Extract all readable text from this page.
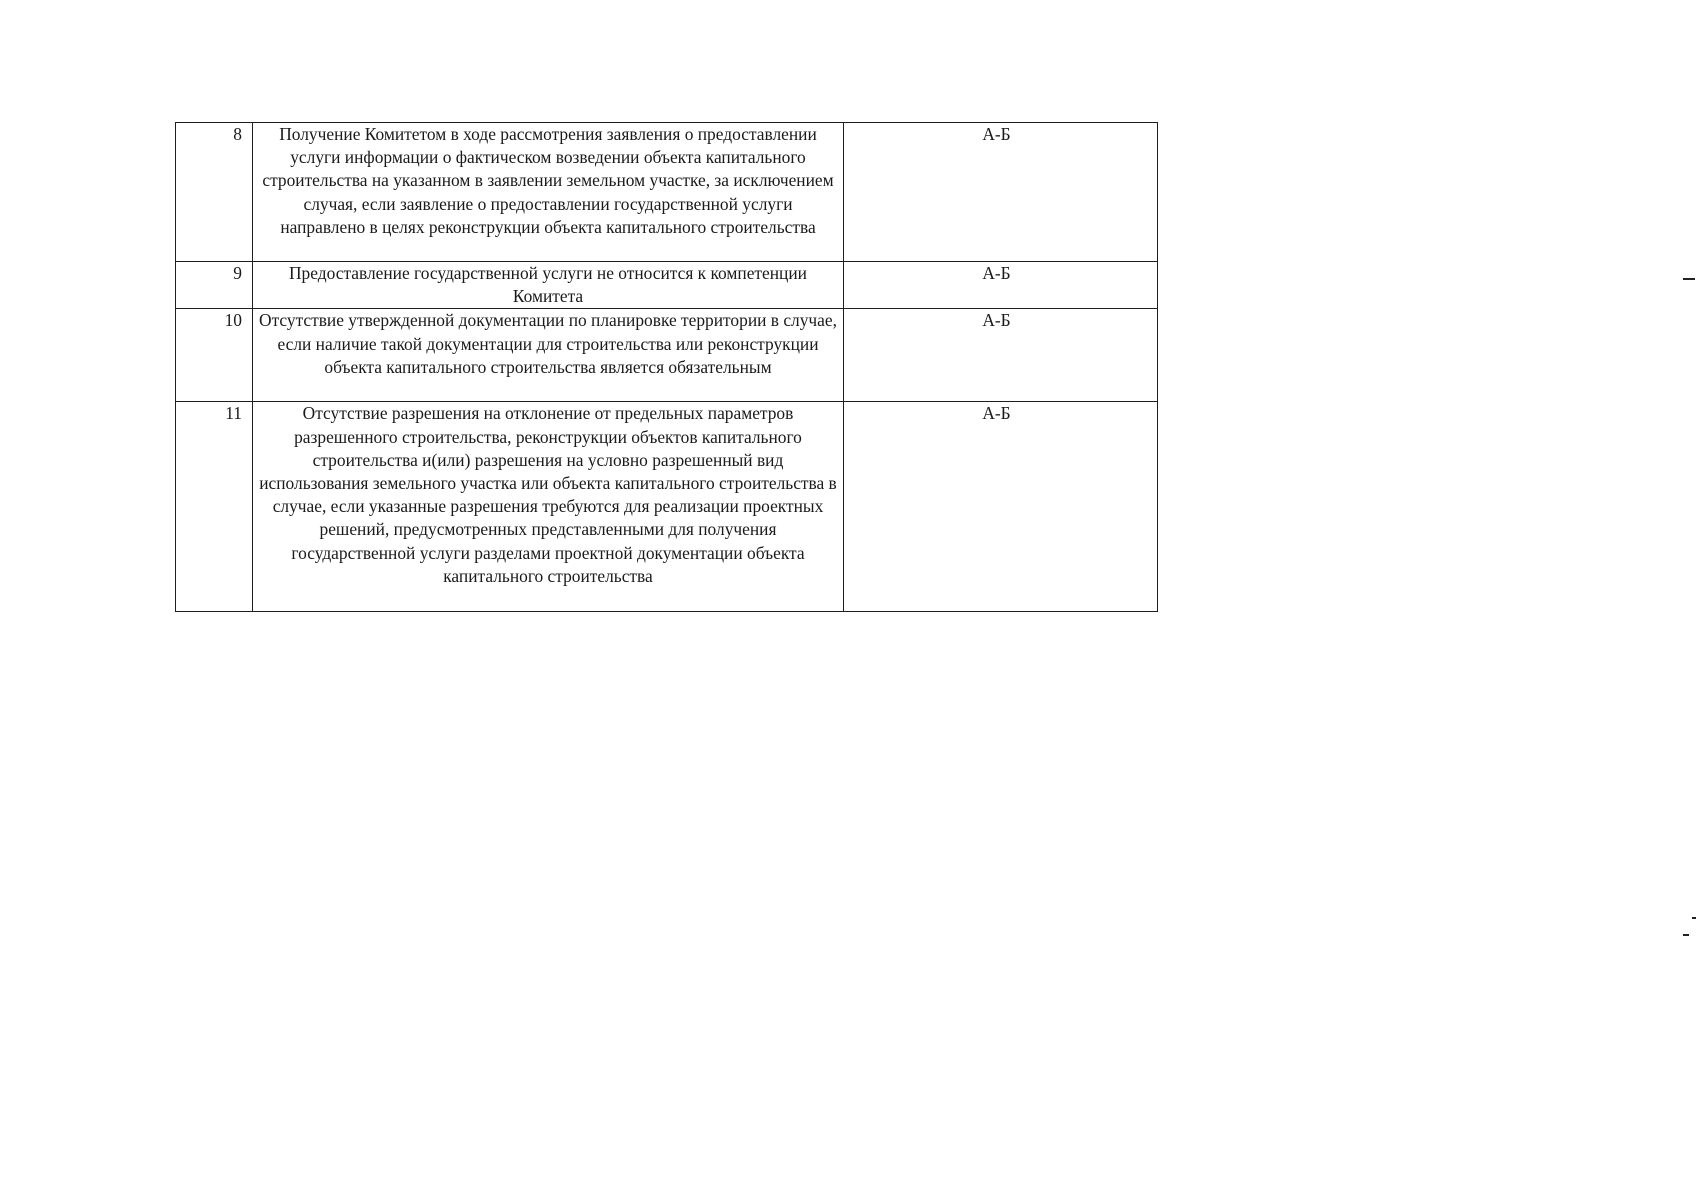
8	Получение Комитетом в ходе рассмотрения заявления о предоставлении услуги информации о фактическом возведении объекта капитального строительства на указанном в заявлении земельном участке, за исключением случая, если заявление о предоставлении государственной услуги направлено в целях реконструкции объекта капитального строительства	А-Б
9	Предоставление государственной услуги не относится к компетенции Комитета	А-Б
10	Отсутствие утвержденной документации по планировке территории в случае, если наличие такой документации для строительства или реконструкции объекта капитального строительства является обязательным	А-Б
11	Отсутствие разрешения на отклонение от предельных параметров разрешенного строительства, реконструкции объектов капитального строительства и(или) разрешения на условно разрешенный вид использования земельного участка или объекта капитального строительства в случае, если указанные разрешения требуются для реализации проектных решений, предусмотренных представленными для получения государственной услуги разделами проектной документации объекта капитального строительства	А-Б
